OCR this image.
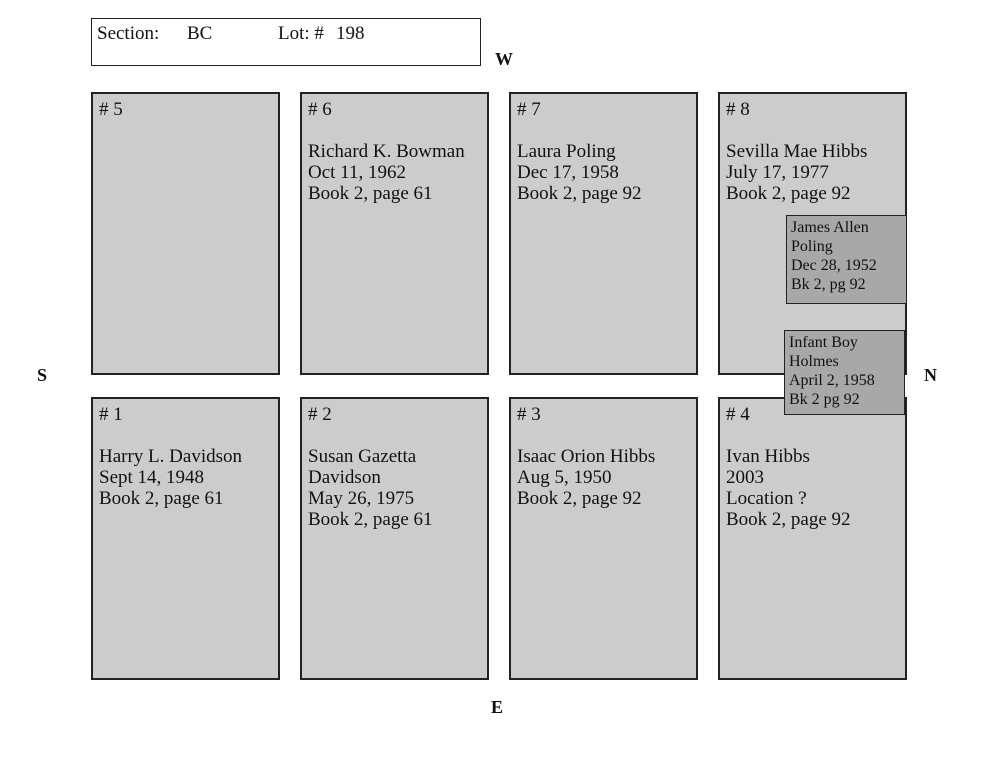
Section: BC	Lot: # 198
W
E
S	N
# 5	# 6
Richard K. Bowman
Oct 11, 1962
Book 2, page 61
# 7
Laura Poling
Dec 17, 1958
Book 2, page 92
# 8
Sevilla Mae Hibbs
July 17, 1977
Book 2, page 92
# 1
Harry L. Davidson
Sept 14, 1948
Book 2, page 61
# 2
Susan Gazetta
Davidson
May 26, 1975
Book 2, page 61
# 3
Isaac Orion Hibbs
Aug 5, 1950
Book 2, page 92
# 4
Ivan Hibbs
2003
Location ?
Book 2, page 92
James Allen
Poling
Dec 28, 1952
Bk 2, pg 92
Infant Boy
Holmes
April 2, 1958
Bk 2 pg 92
